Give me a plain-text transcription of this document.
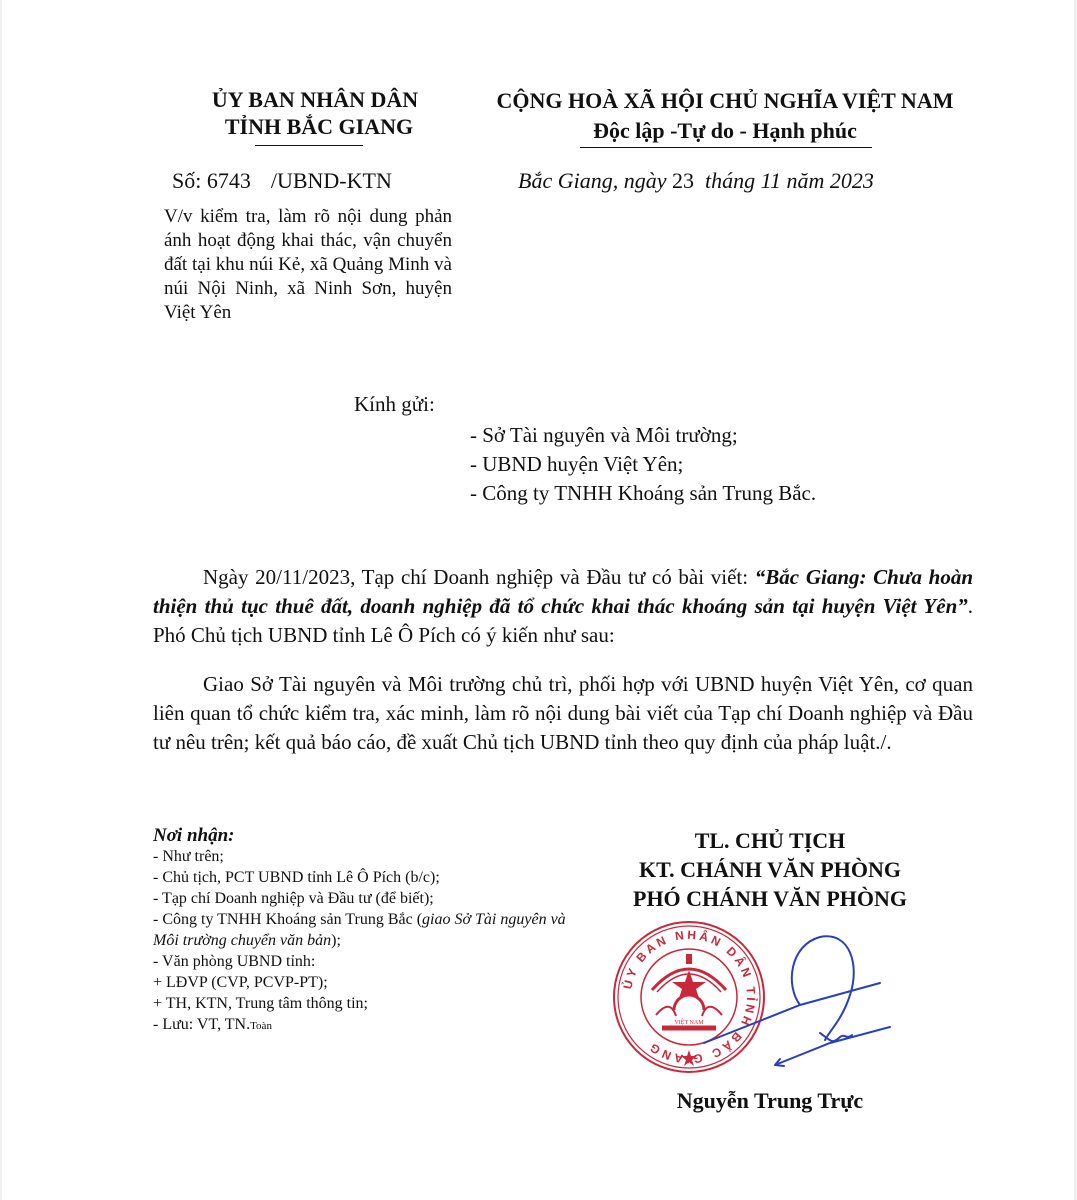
ỦY BAN NHÂN DÂN
TỈNH BẮC GIANG
CỘNG HOÀ XÃ HỘI CHỦ NGHĨA VIỆT NAM
Độc lập -Tự do - Hạnh phúc
Số: 6743 /UBND-KTN	Bắc Giang, ngày 23 tháng 11 năm 2023
V/v kiểm tra, làm rõ nội dung phản ánh hoạt động khai thác, vận chuyển đất tại khu núi Kẻ, xã Quảng Minh và núi Nội Ninh, xã Ninh Sơn, huyện Việt Yên
Kính gửi:
- Sở Tài nguyên và Môi trường;
- UBND huyện Việt Yên;
- Công ty TNHH Khoáng sản Trung Bắc.
Ngày 20/11/2023, Tạp chí Doanh nghiệp và Đầu tư có bài viết: “Bắc Giang: Chưa hoàn thiện thủ tục thuê đất, doanh nghiệp đã tổ chức khai thác khoáng sản tại huyện Việt Yên”. Phó Chủ tịch UBND tỉnh Lê Ô Pích có ý kiến như sau:
Giao Sở Tài nguyên và Môi trường chủ trì, phối hợp với UBND huyện Việt Yên, cơ quan liên quan tổ chức kiểm tra, xác minh, làm rõ nội dung bài viết của Tạp chí Doanh nghiệp và Đầu tư nêu trên; kết quả báo cáo, đề xuất Chủ tịch UBND tỉnh theo quy định của pháp luật./.
Nơi nhận:
- Như trên;
- Chủ tịch, PCT UBND tỉnh Lê Ô Pích (b/c);
- Tạp chí Doanh nghiệp và Đầu tư (để biết);
- Công ty TNHH Khoáng sản Trung Bắc (giao Sở Tài nguyên và Môi trường chuyển văn bản);
- Văn phòng UBND tỉnh:
+ LĐVP (CVP, PCVP-PT);
+ TH, KTN, Trung tâm thông tin;
- Lưu: VT, TN.Toàn
TL. CHỦ TỊCH
KT. CHÁNH VĂN PHÒNG
PHÓ CHÁNH VĂN PHÒNG
VIỆT NAM
ỦY BAN NHÂN DÂN TỈNH BẮC GIANG
Nguyễn Trung Trực
